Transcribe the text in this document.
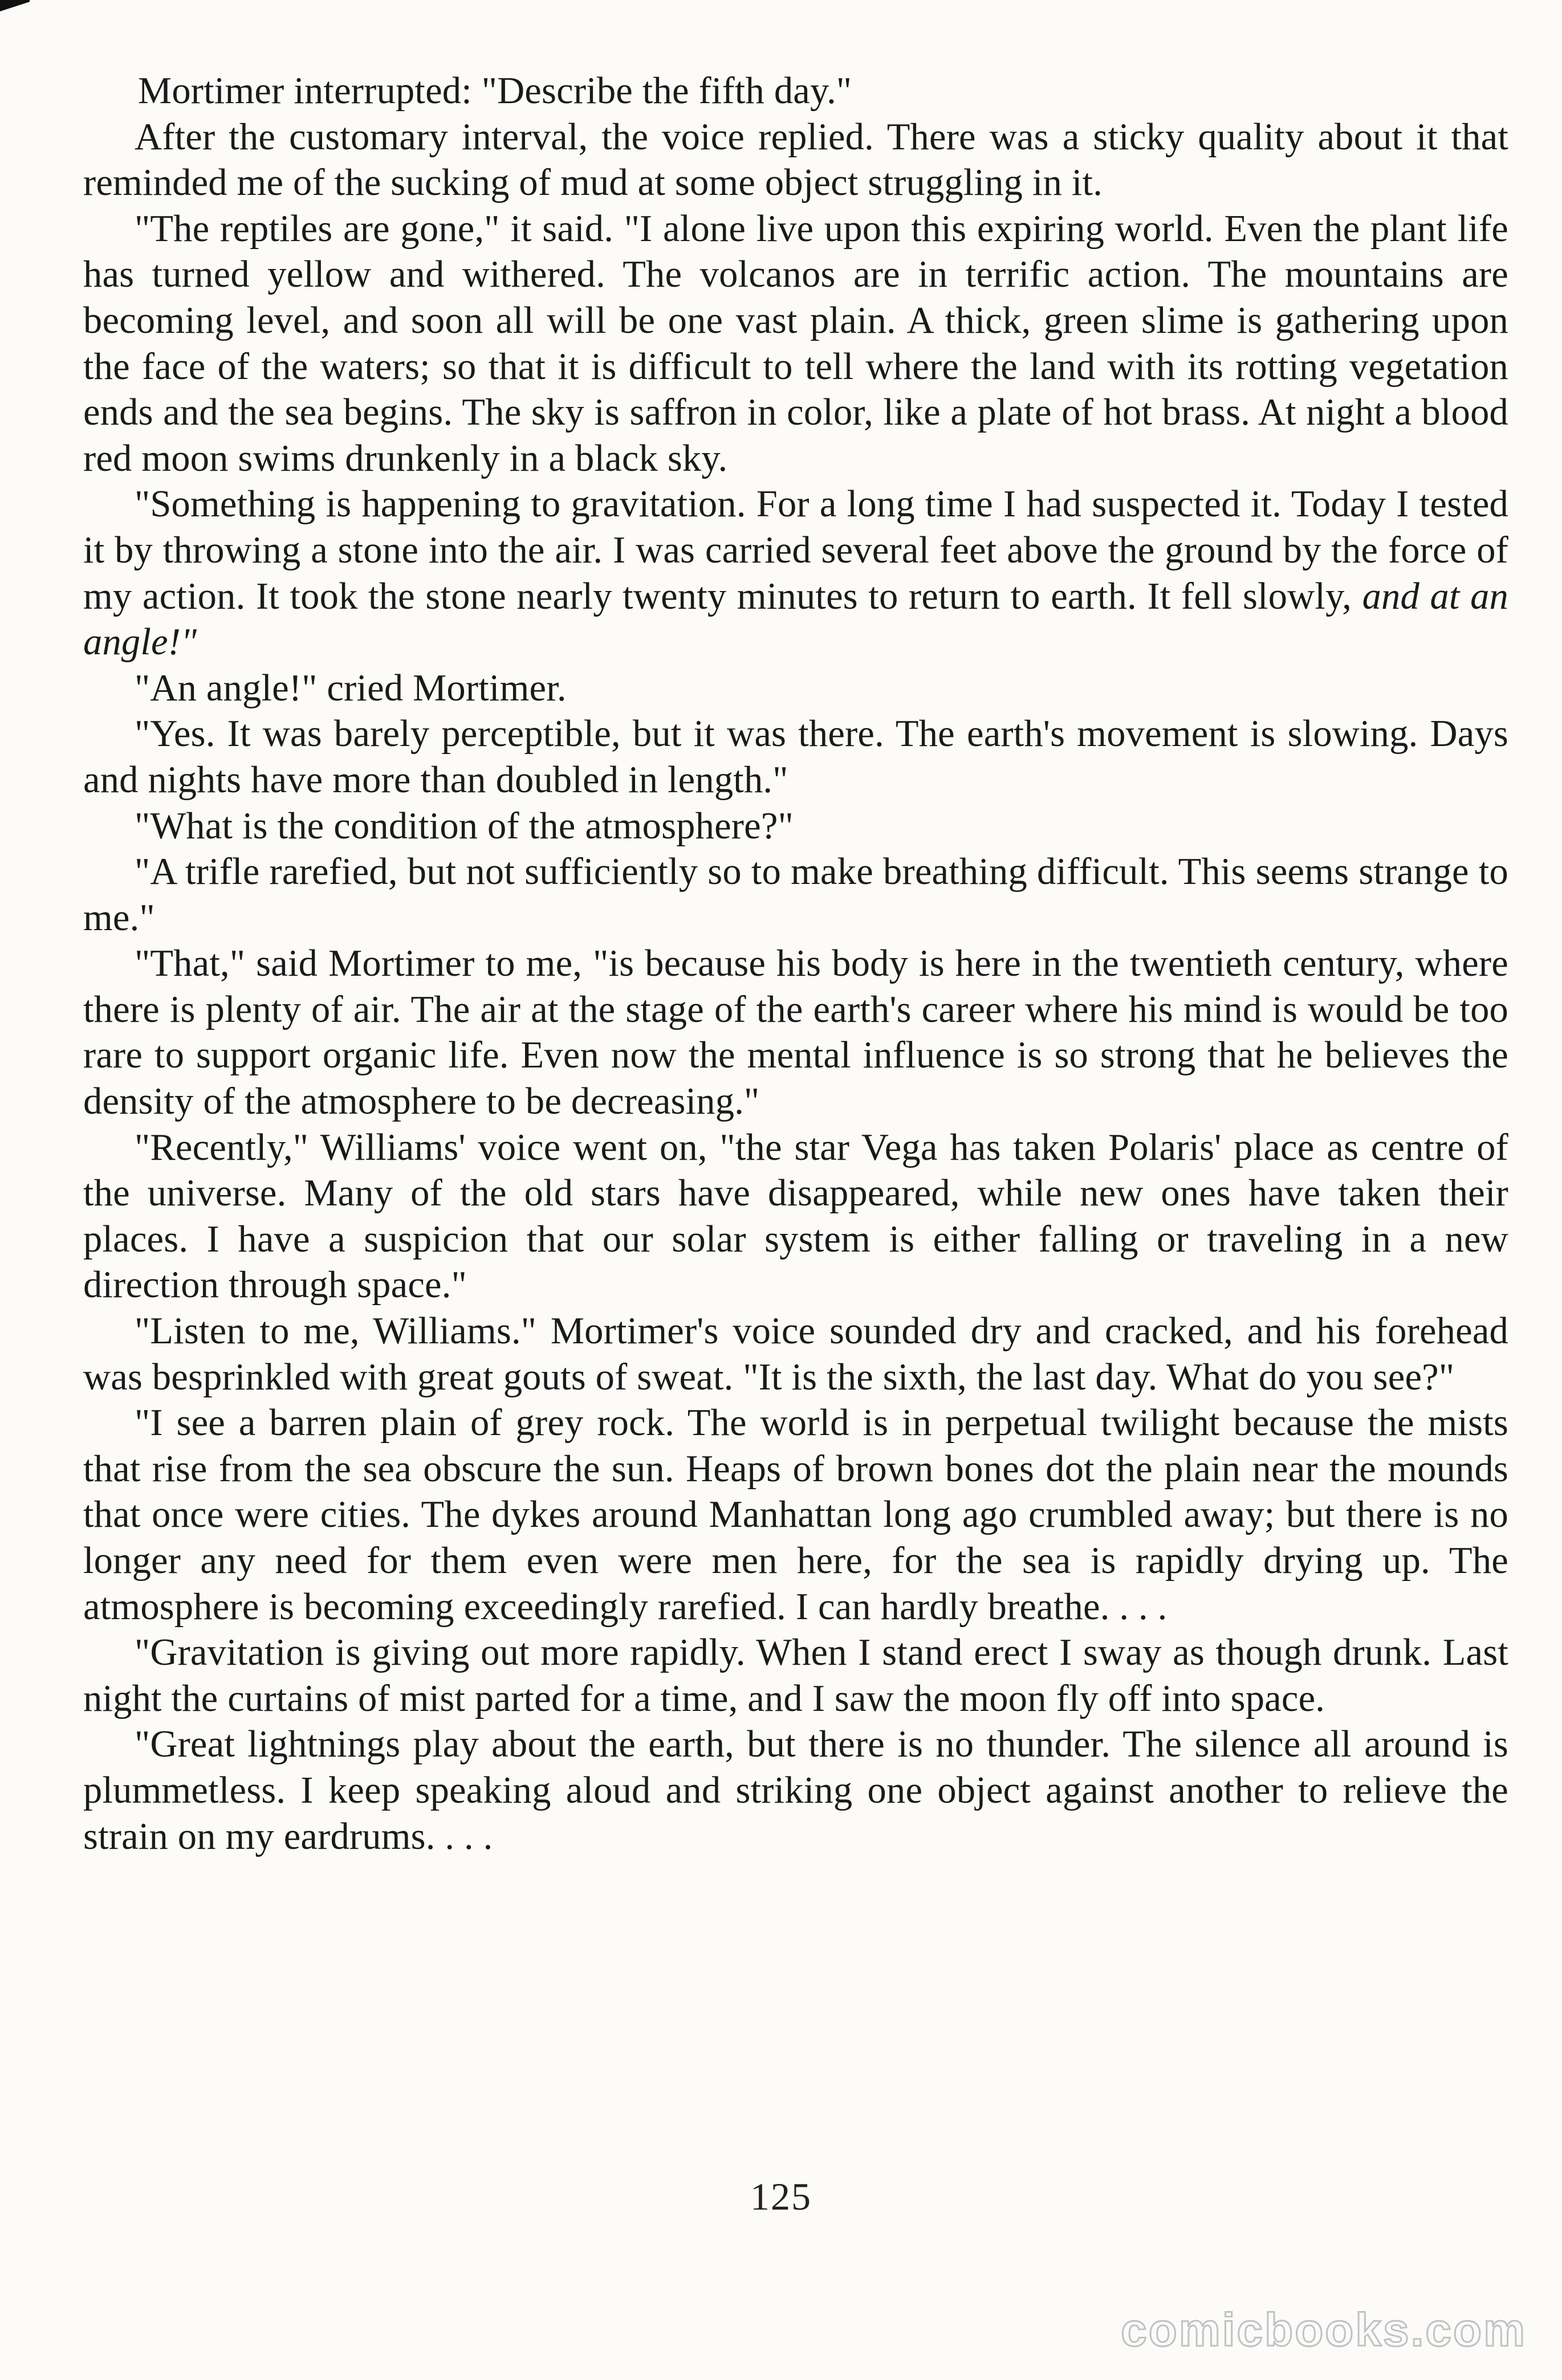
Mortimer interrupted: "Describe the fifth day."

After the customary interval, the voice replied. There was a sticky quality about it that reminded me of the sucking of mud at some object struggling in it.

"The reptiles are gone," it said. "I alone live upon this expiring world. Even the plant life has turned yellow and withered. The volcanos are in terrific action. The mountains are becoming level, and soon all will be one vast plain. A thick, green slime is gathering upon the face of the waters; so that it is difficult to tell where the land with its rotting vegetation ends and the sea begins. The sky is saffron in color, like a plate of hot brass. At night a blood red moon swims drunkenly in a black sky.

"Something is happening to gravitation. For a long time I had suspected it. Today I tested it by throwing a stone into the air. I was carried several feet above the ground by the force of my action. It took the stone nearly twenty minutes to return to earth. It fell slowly, and at an angle!"

"An angle!" cried Mortimer.

"Yes. It was barely perceptible, but it was there. The earth's movement is slowing. Days and nights have more than doubled in length."

"What is the condition of the atmosphere?"

"A trifle rarefied, but not sufficiently so to make breathing difficult. This seems strange to me."

"That," said Mortimer to me, "is because his body is here in the twentieth century, where there is plenty of air. The air at the stage of the earth's career where his mind is would be too rare to support organic life. Even now the mental influence is so strong that he believes the density of the atmosphere to be decreasing."

"Recently," Williams' voice went on, "the star Vega has taken Polaris' place as centre of the universe. Many of the old stars have disappeared, while new ones have taken their places. I have a suspicion that our solar system is either falling or traveling in a new direction through space."

"Listen to me, Williams." Mortimer's voice sounded dry and cracked, and his forehead was besprinkled with great gouts of sweat. "It is the sixth, the last day. What do you see?"

"I see a barren plain of grey rock. The world is in perpetual twilight because the mists that rise from the sea obscure the sun. Heaps of brown bones dot the plain near the mounds that once were cities. The dykes around Manhattan long ago crumbled away; but there is no longer any need for them even were men here, for the sea is rapidly drying up. The atmosphere is becoming exceedingly rarefied. I can hardly breathe. . . .

"Gravitation is giving out more rapidly. When I stand erect I sway as though drunk. Last night the curtains of mist parted for a time, and I saw the moon fly off into space.

"Great lightnings play about the earth, but there is no thunder. The silence all around is plummetless. I keep speaking aloud and striking one object against another to relieve the strain on my eardrums. . . .

125
comicbooks.com
